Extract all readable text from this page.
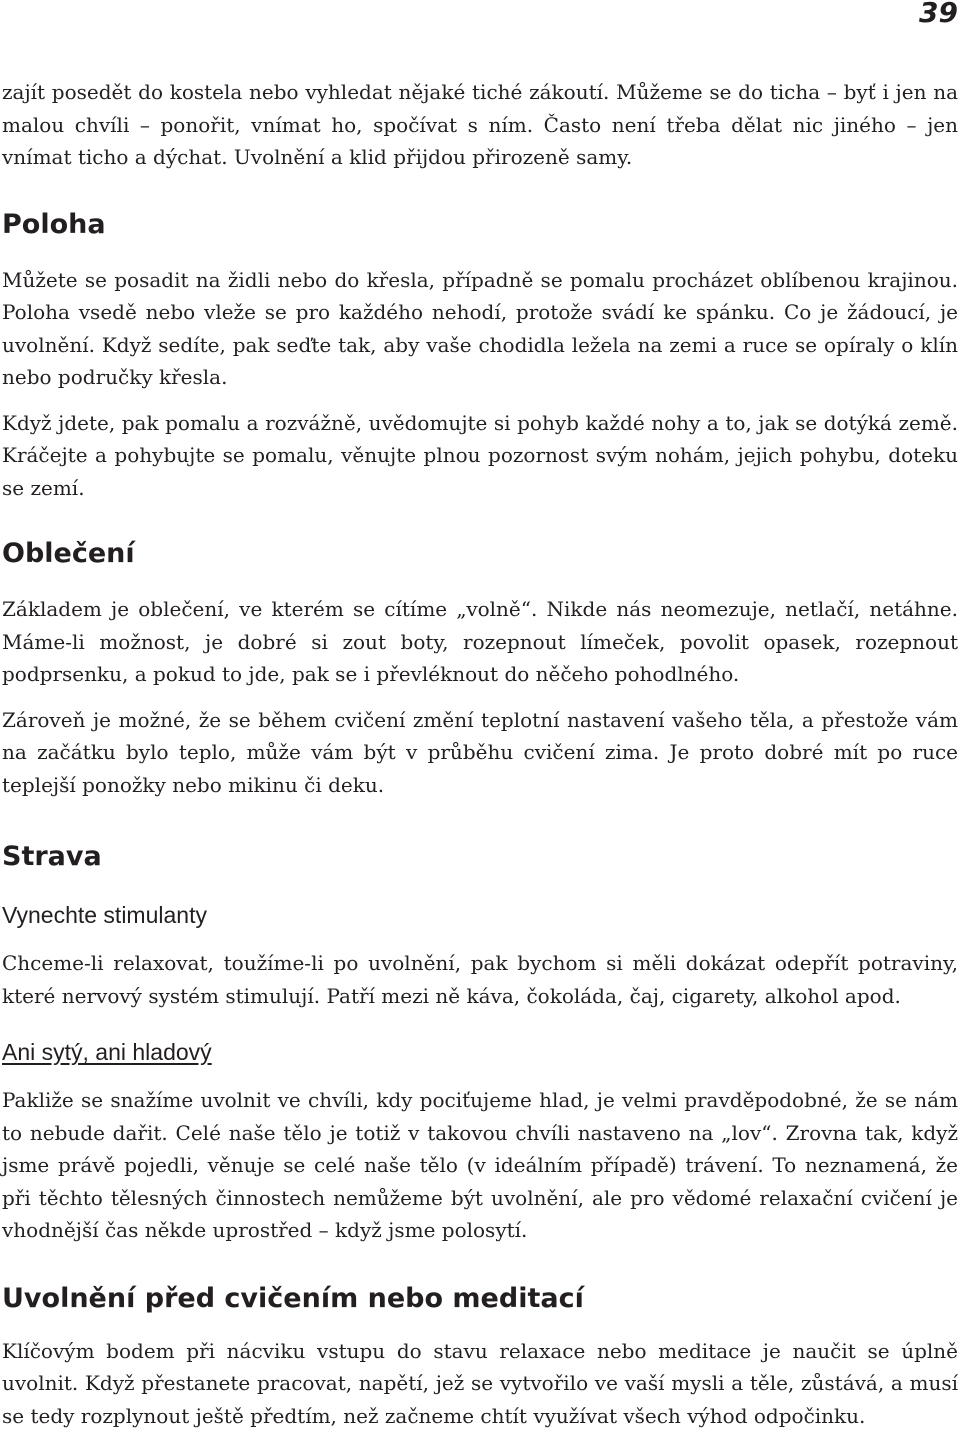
39

zajít posedět do kostela nebo vyhledat nějaké tiché zákoutí. Můžeme se do ticha – byť i jen na malou chvíli – ponořit, vnímat ho, spočívat s ním. Často není třeba dělat nic jiného – jen vnímat ticho a dýchat. Uvolnění a klid přijdou přirozeně samy.

Poloha

Můžete se posadit na židli nebo do křesla, případně se pomalu procházet oblíbenou krajinou. Poloha vsedě nebo vleže se pro každého nehodí, protože svádí ke spánku. Co je žádoucí, je uvolnění. Když sedíte, pak seďte tak, aby vaše chodidla ležela na zemi a ruce se opíraly o klín nebo područky křesla.

Když jdete, pak pomalu a rozvážně, uvědomujte si pohyb každé nohy a to, jak se dotýká země. Kráčejte a pohybujte se pomalu, věnujte plnou pozornost svým nohám, jejich pohybu, doteku se zemí.

Oblečení

Základem je oblečení, ve kterém se cítíme „volně“. Nikde nás neomezuje, netlačí, netáhne. Máme-li možnost, je dobré si zout boty, rozepnout límeček, povolit opasek, rozepnout podprsenku, a pokud to jde, pak se i převléknout do něčeho pohodlného.

Zároveň je možné, že se během cvičení změní teplotní nastavení vašeho těla, a přestože vám na začátku bylo teplo, může vám být v průběhu cvičení zima. Je proto dobré mít po ruce teplejší ponožky nebo mikinu či deku.

Strava
Vynechte stimulanty

Chceme-li relaxovat, toužíme-li po uvolnění, pak bychom si měli dokázat odepřít potraviny, které nervový systém stimulují. Patří mezi ně káva, čokoláda, čaj, cigarety, alkohol apod.

Ani sytý, ani hladový

Pakliže se snažíme uvolnit ve chvíli, kdy pociťujeme hlad, je velmi pravděpodobné, že se nám to nebude dařit. Celé naše tělo je totiž v takovou chvíli nastaveno na „lov“. Zrovna tak, když jsme právě pojedli, věnuje se celé naše tělo (v ideálním případě) trávení. To neznamená, že při těchto tělesných činnostech nemůžeme být uvolnění, ale pro vědomé relaxační cvičení je vhodnější čas někde uprostřed – když jsme polosytí.

Uvolnění před cvičením nebo meditací

Klíčovým bodem při nácviku vstupu do stavu relaxace nebo meditace je naučit se úplně uvolnit. Když přestanete pracovat, napětí, jež se vytvořilo ve vaší mysli a těle, zůstává, a musí se tedy rozplynout ještě předtím, než začneme chtít využívat všech výhod odpočinku.
